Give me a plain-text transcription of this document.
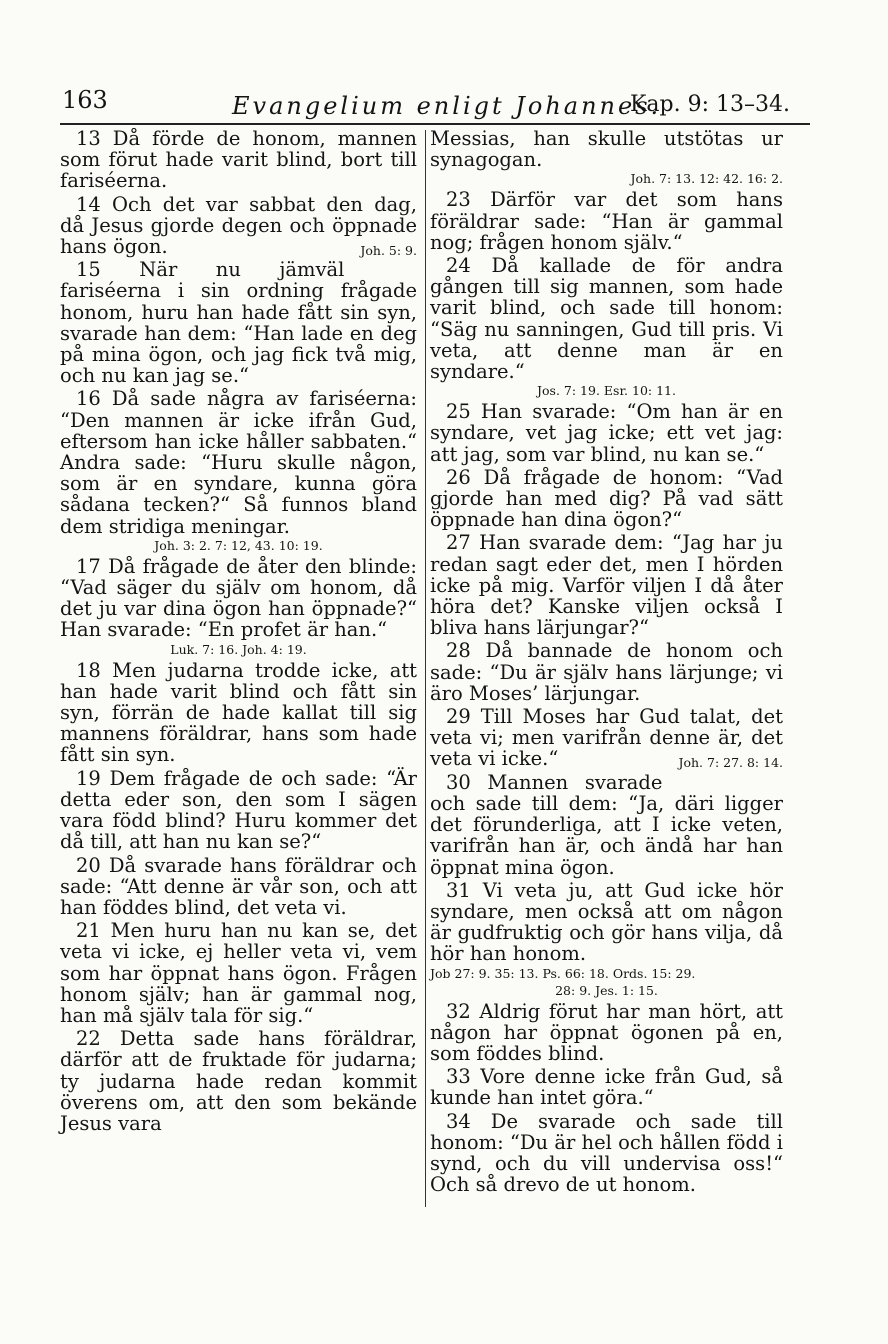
163	Evangelium enligt Johannes.
Kap. 9: 13–34.

13 Då förde de honom, mannen som förut hade varit blind, bort till fariséerna.

14 Och det var sabbat den dag, då Jesus gjorde degen och öppnade hans ögon.	Joh. 5: 9.

15 När nu jämväl fariséerna i sin ordning frågade honom, huru han hade fått sin syn, svarade han dem: “Han lade en deg på mina ögon, och jag fick två mig, och nu kan jag se.“

16 Då sade några av fariséerna: “Den mannen är icke ifrån Gud, eftersom han icke håller sabbaten.“ Andra sade: “Huru skulle någon, som är en syndare, kunna göra sådana tecken?“ Så funnos bland dem stridiga meningar.

Joh. 3: 2. 7: 12, 43. 10: 19.

17 Då frågade de åter den blinde: “Vad säger du själv om honom, då det ju var dina ögon han öppnade?“ Han svarade: “En profet är han.“

Luk. 7: 16. Joh. 4: 19.

18 Men judarna trodde icke, att han hade varit blind och fått sin syn, förrän de hade kallat till sig mannens föräldrar, hans som hade fått sin syn.

19 Dem frågade de och sade: “Är detta eder son, den som I sägen vara född blind? Huru kommer det då till, att han nu kan se?“

20 Då svarade hans föräldrar och sade: “Att denne är vår son, och att han föddes blind, det veta vi.

21 Men huru han nu kan se, det veta vi icke, ej heller veta vi, vem som har öppnat hans ögon. Frågen honom själv; han är gammal nog, han må själv tala för sig.“

22 Detta sade hans föräldrar, därför att de fruktade för judarna; ty judarna hade redan kommit överens om, att den som bekände Jesus vara

Messias, han skulle utstötas ur synagogan.

Joh. 7: 13. 12: 42. 16: 2.

23 Därför var det som hans föräldrar sade: “Han är gammal nog; frågen honom själv.“

24 Då kallade de för andra gången till sig mannen, som hade varit blind, och sade till honom: “Säg nu sanningen, Gud till pris. Vi veta, att denne man är en syndare.“

Jos. 7: 19. Esr. 10: 11.

25 Han svarade: “Om han är en syndare, vet jag icke; ett vet jag: att jag, som var blind, nu kan se.“

26 Då frågade de honom: “Vad gjorde han med dig? På vad sätt öppnade han dina ögon?“

27 Han svarade dem: “Jag har ju redan sagt eder det, men I hörden icke på mig. Varför viljen I då åter höra det? Kanske viljen också I bliva hans lärjungar?“

28 Då bannade de honom och sade: “Du är själv hans lärjunge; vi äro Moses’ lärjungar.

29 Till Moses har Gud talat, det veta vi; men varifrån denne är, det veta vi icke.“	Joh. 7: 27. 8: 14.

30 Mannen svarade och sade till dem: “Ja, däri ligger det förunderliga, att I icke veten, varifrån han är, och ändå har han öppnat mina ögon.

31 Vi veta ju, att Gud icke hör syndare, men också att om någon är gudfruktig och gör hans vilja, då hör han honom.

Job 27: 9. 35: 13. Ps. 66: 18. Ords. 15: 29.
28: 9. Jes. 1: 15.

32 Aldrig förut har man hört, att någon har öppnat ögonen på en, som föddes blind.

33 Vore denne icke från Gud, så kunde han intet göra.“

34 De svarade och sade till honom: “Du är hel och hållen född i synd, och du vill undervisa oss!“ Och så drevo de ut honom.
